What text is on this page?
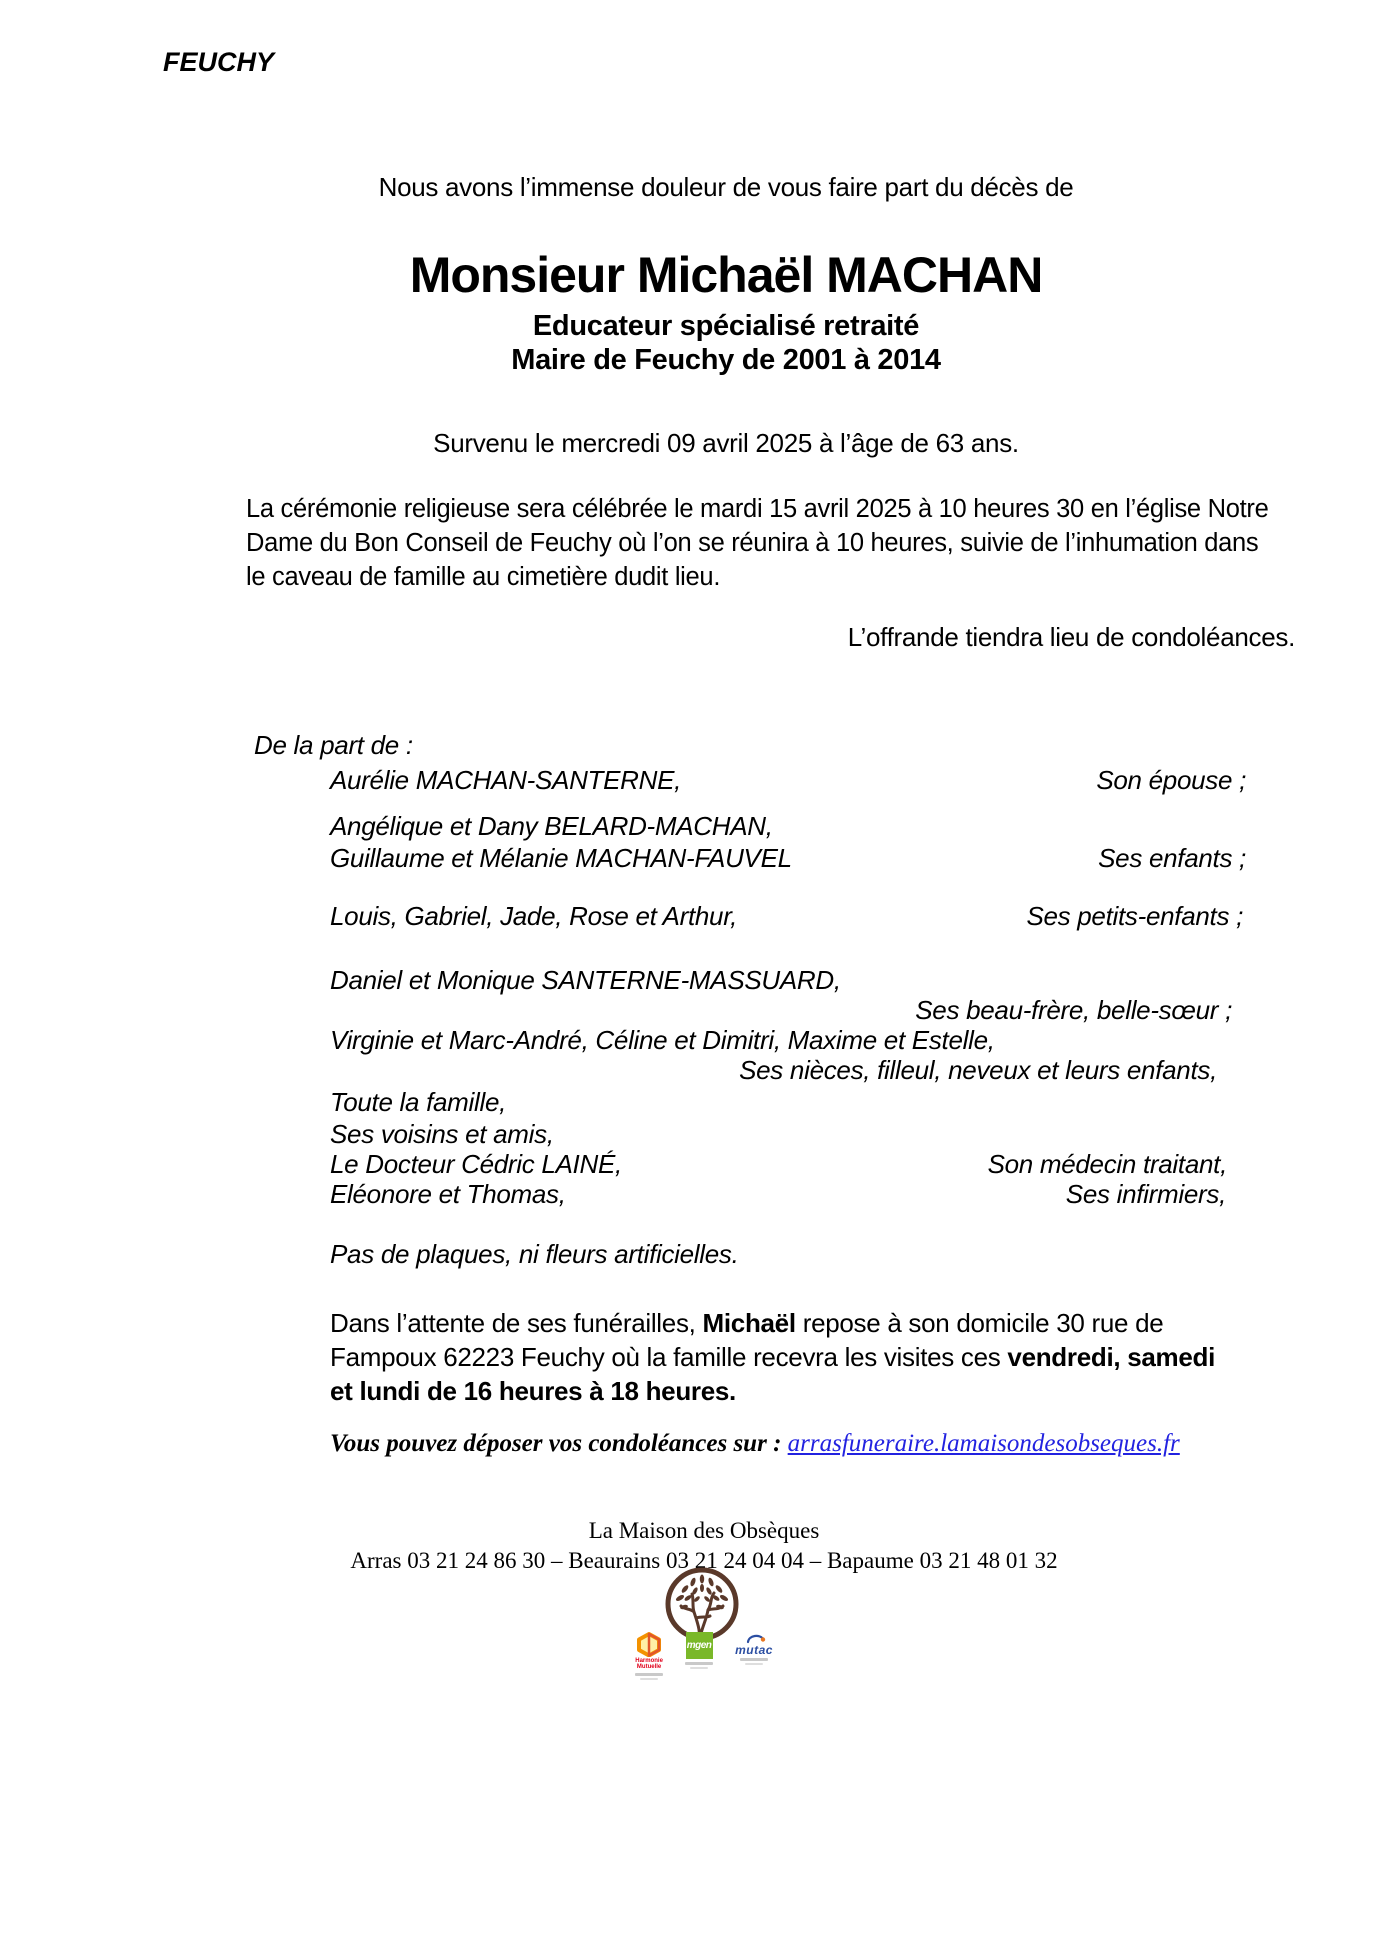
FEUCHY
Nous avons l’immense douleur de vous faire part du décès de
Monsieur Michaël MACHAN
Educateur spécialisé retraité
Maire de Feuchy de 2001 à 2014
Survenu le mercredi 09 avril 2025 à l’âge de 63 ans.
La cérémonie religieuse sera célébrée le mardi 15 avril 2025 à 10 heures 30 en l’église Notre
Dame du Bon Conseil de Feuchy où l’on se réunira à 10 heures, suivie de l’inhumation dans
le caveau de famille au cimetière dudit lieu.
L’offrande tiendra lieu de condoléances.
De la part de :
Aurélie MACHAN-SANTERNE,	Son épouse ;
Angélique et Dany BELARD-MACHAN,
Guillaume et Mélanie MACHAN-FAUVEL	Ses enfants ;
Louis, Gabriel, Jade, Rose et Arthur,	Ses petits-enfants ;
Daniel et Monique SANTERNE-MASSUARD,
Ses beau-frère, belle-sœur ;
Virginie et Marc-André, Céline et Dimitri, Maxime et Estelle,
Ses nièces, filleul, neveux et leurs enfants,
Toute la famille,
Ses voisins et amis,
Le Docteur Cédric LAINÉ,	Son médecin traitant,
Eléonore et Thomas,	Ses infirmiers,
Pas de plaques, ni fleurs artificielles.
Dans l’attente de ses funérailles, Michaël repose à son domicile 30 rue de
Fampoux 62223 Feuchy où la famille recevra les visites ces vendredi, samedi
et lundi de 16 heures à 18 heures.
Vous pouvez déposer vos condoléances sur : arrasfuneraire.lamaisondesobseques.fr
La Maison des Obsèques
Arras 03 21 24 86 30 – Beaurains 03 21 24 04 04 – Bapaume 03 21 48 01 32
Harmonie
Mutuelle
mgen mutac
